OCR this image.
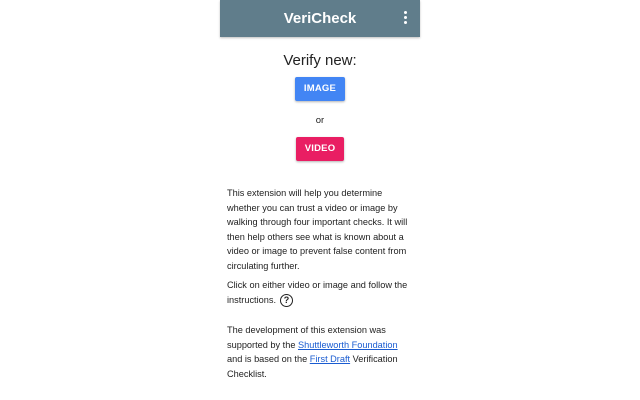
VeriCheck
Verify new:
IMAGE
or
VIDEO

This extension will help you determine whether you can trust a video or image by walking through four important checks. It will then help others see what is known about a video or image to prevent false content from circulating further.

Click on either video or image and follow the instructions. ?

The development of this extension was supported by the Shuttleworth Foundation and is based on the First Draft Verification Checklist.
